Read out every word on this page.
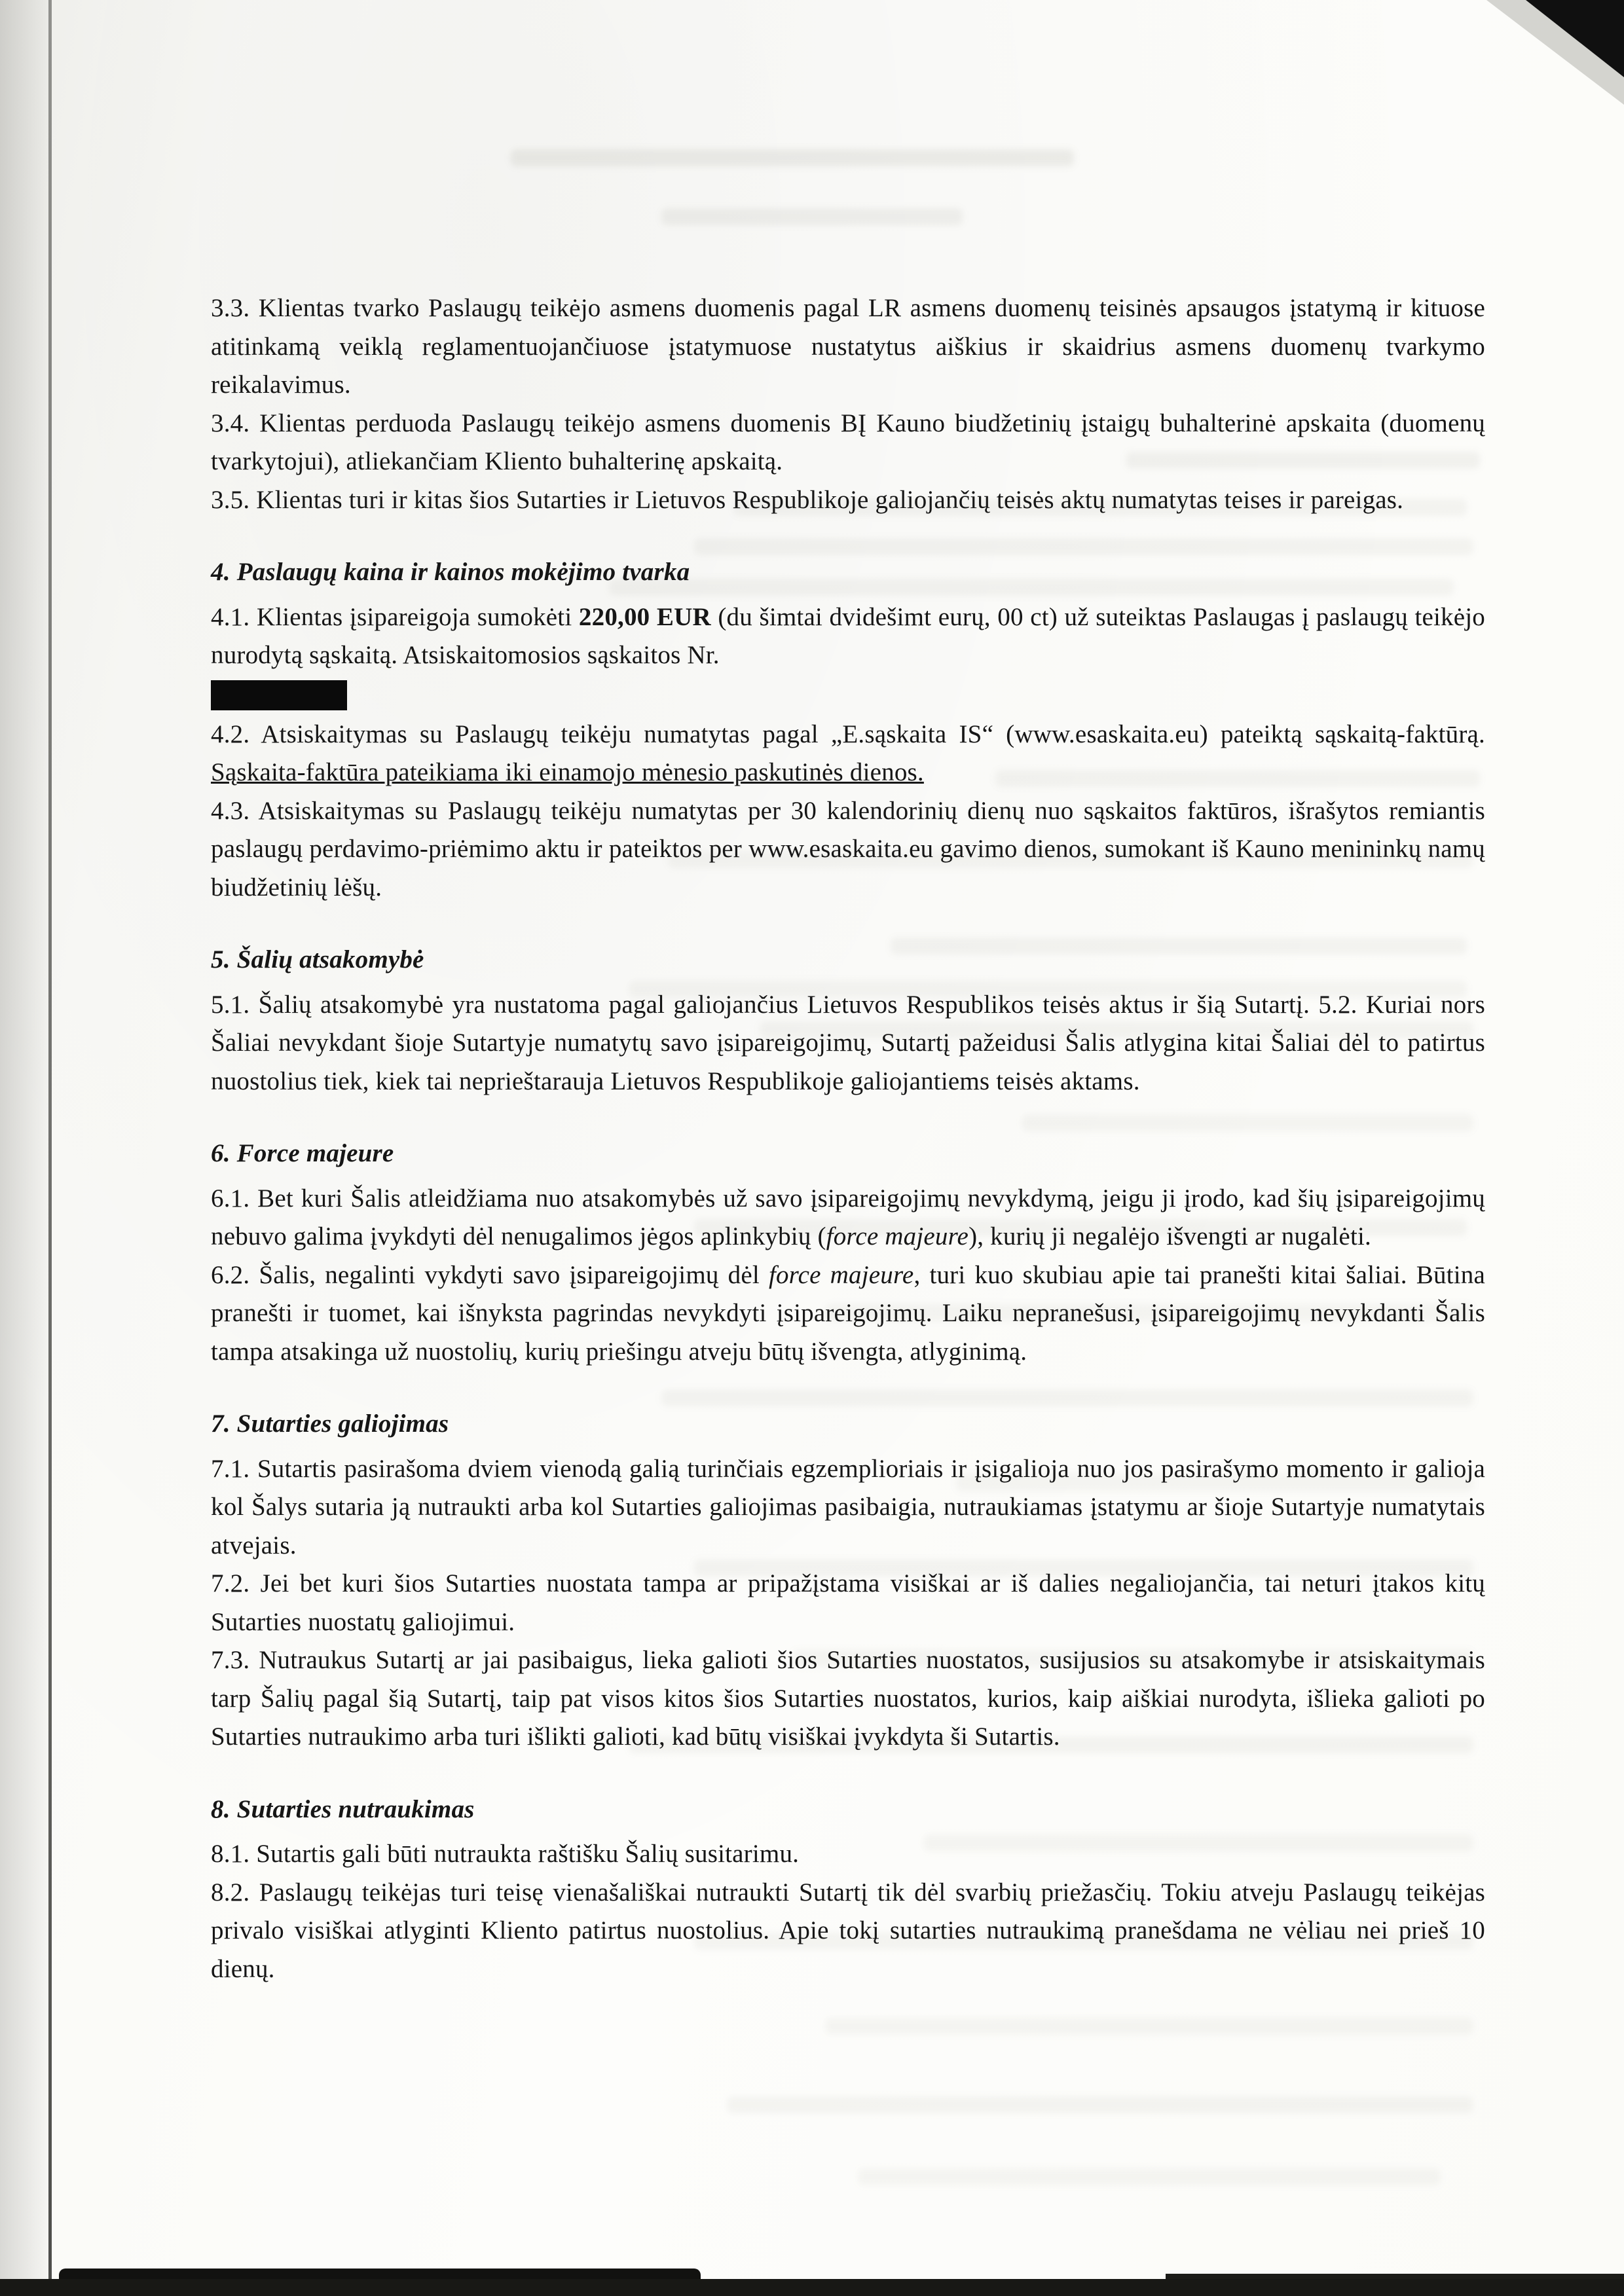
3.3. Klientas tvarko Paslaugų teikėjo asmens duomenis pagal LR asmens duomenų teisinės apsaugos įstatymą ir kituose atitinkamą veiklą reglamentuojančiuose įstatymuose nustatytus aiškius ir skaidrius asmens duomenų tvarkymo reikalavimus.

3.4. Klientas perduoda Paslaugų teikėjo asmens duomenis BĮ Kauno biudžetinių įstaigų buhalterinė apskaita (duomenų tvarkytojui), atliekančiam Kliento buhalterinę apskaitą.

3.5. Klientas turi ir kitas šios Sutarties ir Lietuvos Respublikoje galiojančių teisės aktų numatytas teises ir pareigas.

4. Paslaugų kaina ir kainos mokėjimo tvarka

4.1. Klientas įsipareigoja sumokėti 220,00 EUR (du šimtai dvidešimt eurų, 00 ct) už suteiktas Paslaugas į paslaugų teikėjo nurodytą sąskaitą. Atsiskaitomosios sąskaitos Nr.

4.2. Atsiskaitymas su Paslaugų teikėju numatytas pagal „E.sąskaita IS“ (www.esaskaita.eu) pateiktą sąskaitą-faktūrą. Sąskaita-faktūra pateikiama iki einamojo mėnesio paskutinės dienos.

4.3. Atsiskaitymas su Paslaugų teikėju numatytas per 30 kalendorinių dienų nuo sąskaitos faktūros, išrašytos remiantis paslaugų perdavimo-priėmimo aktu ir pateiktos per www.esaskaita.eu gavimo dienos, sumokant iš Kauno menininkų namų biudžetinių lėšų.

5. Šalių atsakomybė

5.1. Šalių atsakomybė yra nustatoma pagal galiojančius Lietuvos Respublikos teisės aktus ir šią Sutartį. 5.2. Kuriai nors Šaliai nevykdant šioje Sutartyje numatytų savo įsipareigojimų, Sutartį pažeidusi Šalis atlygina kitai Šaliai dėl to patirtus nuostolius tiek, kiek tai neprieštarauja Lietuvos Respublikoje galiojantiems teisės aktams.

6. Force majeure

6.1. Bet kuri Šalis atleidžiama nuo atsakomybės už savo įsipareigojimų nevykdymą, jeigu ji įrodo, kad šių įsipareigojimų nebuvo galima įvykdyti dėl nenugalimos jėgos aplinkybių (force majeure), kurių ji negalėjo išvengti ar nugalėti.

6.2. Šalis, negalinti vykdyti savo įsipareigojimų dėl force majeure, turi kuo skubiau apie tai pranešti kitai šaliai. Būtina pranešti ir tuomet, kai išnyksta pagrindas nevykdyti įsipareigojimų. Laiku nepranešusi, įsipareigojimų nevykdanti Šalis tampa atsakinga už nuostolių, kurių priešingu atveju būtų išvengta, atlyginimą.

7. Sutarties galiojimas

7.1. Sutartis pasirašoma dviem vienodą galią turinčiais egzemplioriais ir įsigalioja nuo jos pasirašymo momento ir galioja kol Šalys sutaria ją nutraukti arba kol Sutarties galiojimas pasibaigia, nutraukiamas įstatymu ar šioje Sutartyje numatytais atvejais.

7.2. Jei bet kuri šios Sutarties nuostata tampa ar pripažįstama visiškai ar iš dalies negaliojančia, tai neturi įtakos kitų Sutarties nuostatų galiojimui.

7.3. Nutraukus Sutartį ar jai pasibaigus, lieka galioti šios Sutarties nuostatos, susijusios su atsakomybe ir atsiskaitymais tarp Šalių pagal šią Sutartį, taip pat visos kitos šios Sutarties nuostatos, kurios, kaip aiškiai nurodyta, išlieka galioti po Sutarties nutraukimo arba turi išlikti galioti, kad būtų visiškai įvykdyta ši Sutartis.

8. Sutarties nutraukimas

8.1. Sutartis gali būti nutraukta raštišku Šalių susitarimu.

8.2. Paslaugų teikėjas turi teisę vienašališkai nutraukti Sutartį tik dėl svarbių priežasčių. Tokiu atveju Paslaugų teikėjas privalo visiškai atlyginti Kliento patirtus nuostolius. Apie tokį sutarties nutraukimą pranešdama ne vėliau nei prieš 10 dienų.
